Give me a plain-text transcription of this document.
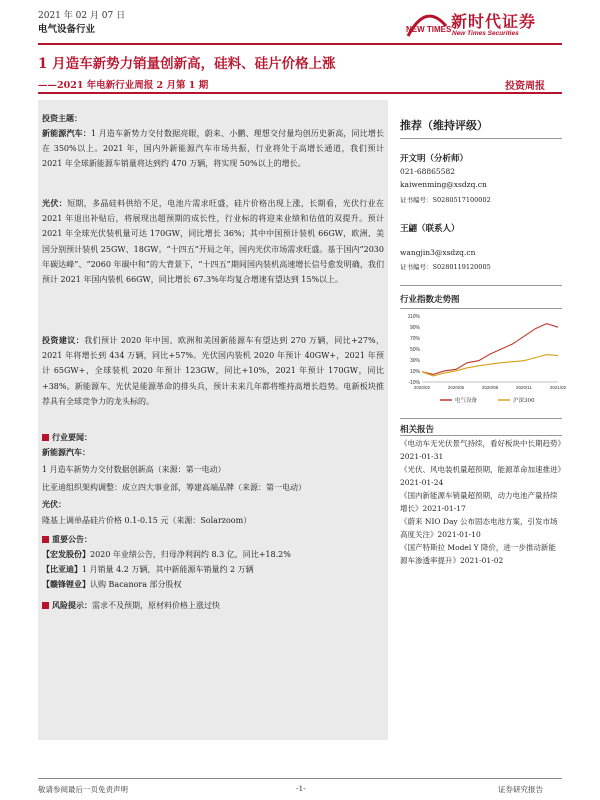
2021 年 02 月 07 日
电气设备行业	NEW TIMES 新时代证券
New Times Securities
1 月造车新势力销量创新高，硅料、硅片价格上涨
——2021 年电新行业周报 2 月第 1 期	投资周报
投资主题：
新能源汽车：1 月造车新势力交付数据亮眼，蔚来、小鹏、理想交付量均创历史新高，同比增长在 350%以上。2021 年，国内外新能源汽车市场共振，行业将处于高增长通道，我们预计 2021 年全球新能源车销量将达到约 470 万辆，将实现 50%以上的增长。
光伏：短期，多晶硅料供给不足，电池片需求旺盛，硅片价格出现上涨，长期看，光伏行业在 2021 年退出补贴后，将展现出超预期的成长性，行业标的将迎来业绩和估值的双提升。预计 2021 年全球光伏装机量可达 170GW，同比增长 36%；其中中国预计装机 66GW，欧洲、美国分别预计装机 25GW、18GW。“十四五”开局之年，国内光伏市场需求旺盛。基于国内“2030 年碳达峰”、“2060 年碳中和”的大背景下，“十四五”期间国内装机高速增长信号愈发明确，我们预计 2021 年国内装机 66GW，同比增长 67.3%年均复合增速有望达到 15%以上。
投资建议：我们预计 2020 年中国、欧洲和美国新能源车有望达到 270 万辆，同比+27%，2021 年将增长到 434 万辆，同比+57%。光伏国内装机 2020 年预计 40GW+，2021 年预计 65GW+，全球装机 2020 年预计 123GW，同比+10%，2021 年预计 170GW，同比+38%。新能源车、光伏是能源革命的排头兵，预计未来几年都将维持高增长趋势。电新板块推荐具有全球竞争力的龙头标的。
行业要闻：
新能源汽车：
1 月造车新势力交付数据创新高（来源：第一电动）
比亚迪组织架构调整：成立四大事业部，筹建高端品牌（来源：第一电动）
光伏：
隆基上调单晶硅片价格 0.1-0.15 元（来源：Solarzoom）
重要公告：
【宏发股份】2020 年业绩公告，归母净利润约 8.3 亿，同比+18.2%
【比亚迪】1 月销量 4.2 万辆，其中新能源车销量约 2 万辆
【赣锋锂业】认购 Bacanora 部分股权
风险提示：需求不及预期，原材料价格上涨过快
推荐（维持评级）
开文明（分析师）
021-68865582
kaiwenming@xsdzq.cn
证书编号：S0280517100002
王翩（联系人）
wangjin3@xsdzq.cn
证书编号：S0280119120005
行业指数走势图
110%
90%
70%
50%
30%
10%
-10%
2020/02	2020/05	2020/08	2020/11	2021/02
电气设备	沪深300
相关报告
《电动车无光伏景气持续，看好板块中长期趋势》2021-01-31
《光伏、风电装机量超预期，能源革命加速推进》2021-01-24
《国内新能源车销量超预期，动力电池产量持续增长》2021-01-17
《蔚来 NIO Day 公布固态电池方案，引发市场高度关注》2021-01-10
《国产特斯拉 Model Y 降价，进一步推动新能源车渗透率提升》2021-01-02
敬请参阅最后一页免责声明	-1-	证券研究报告
